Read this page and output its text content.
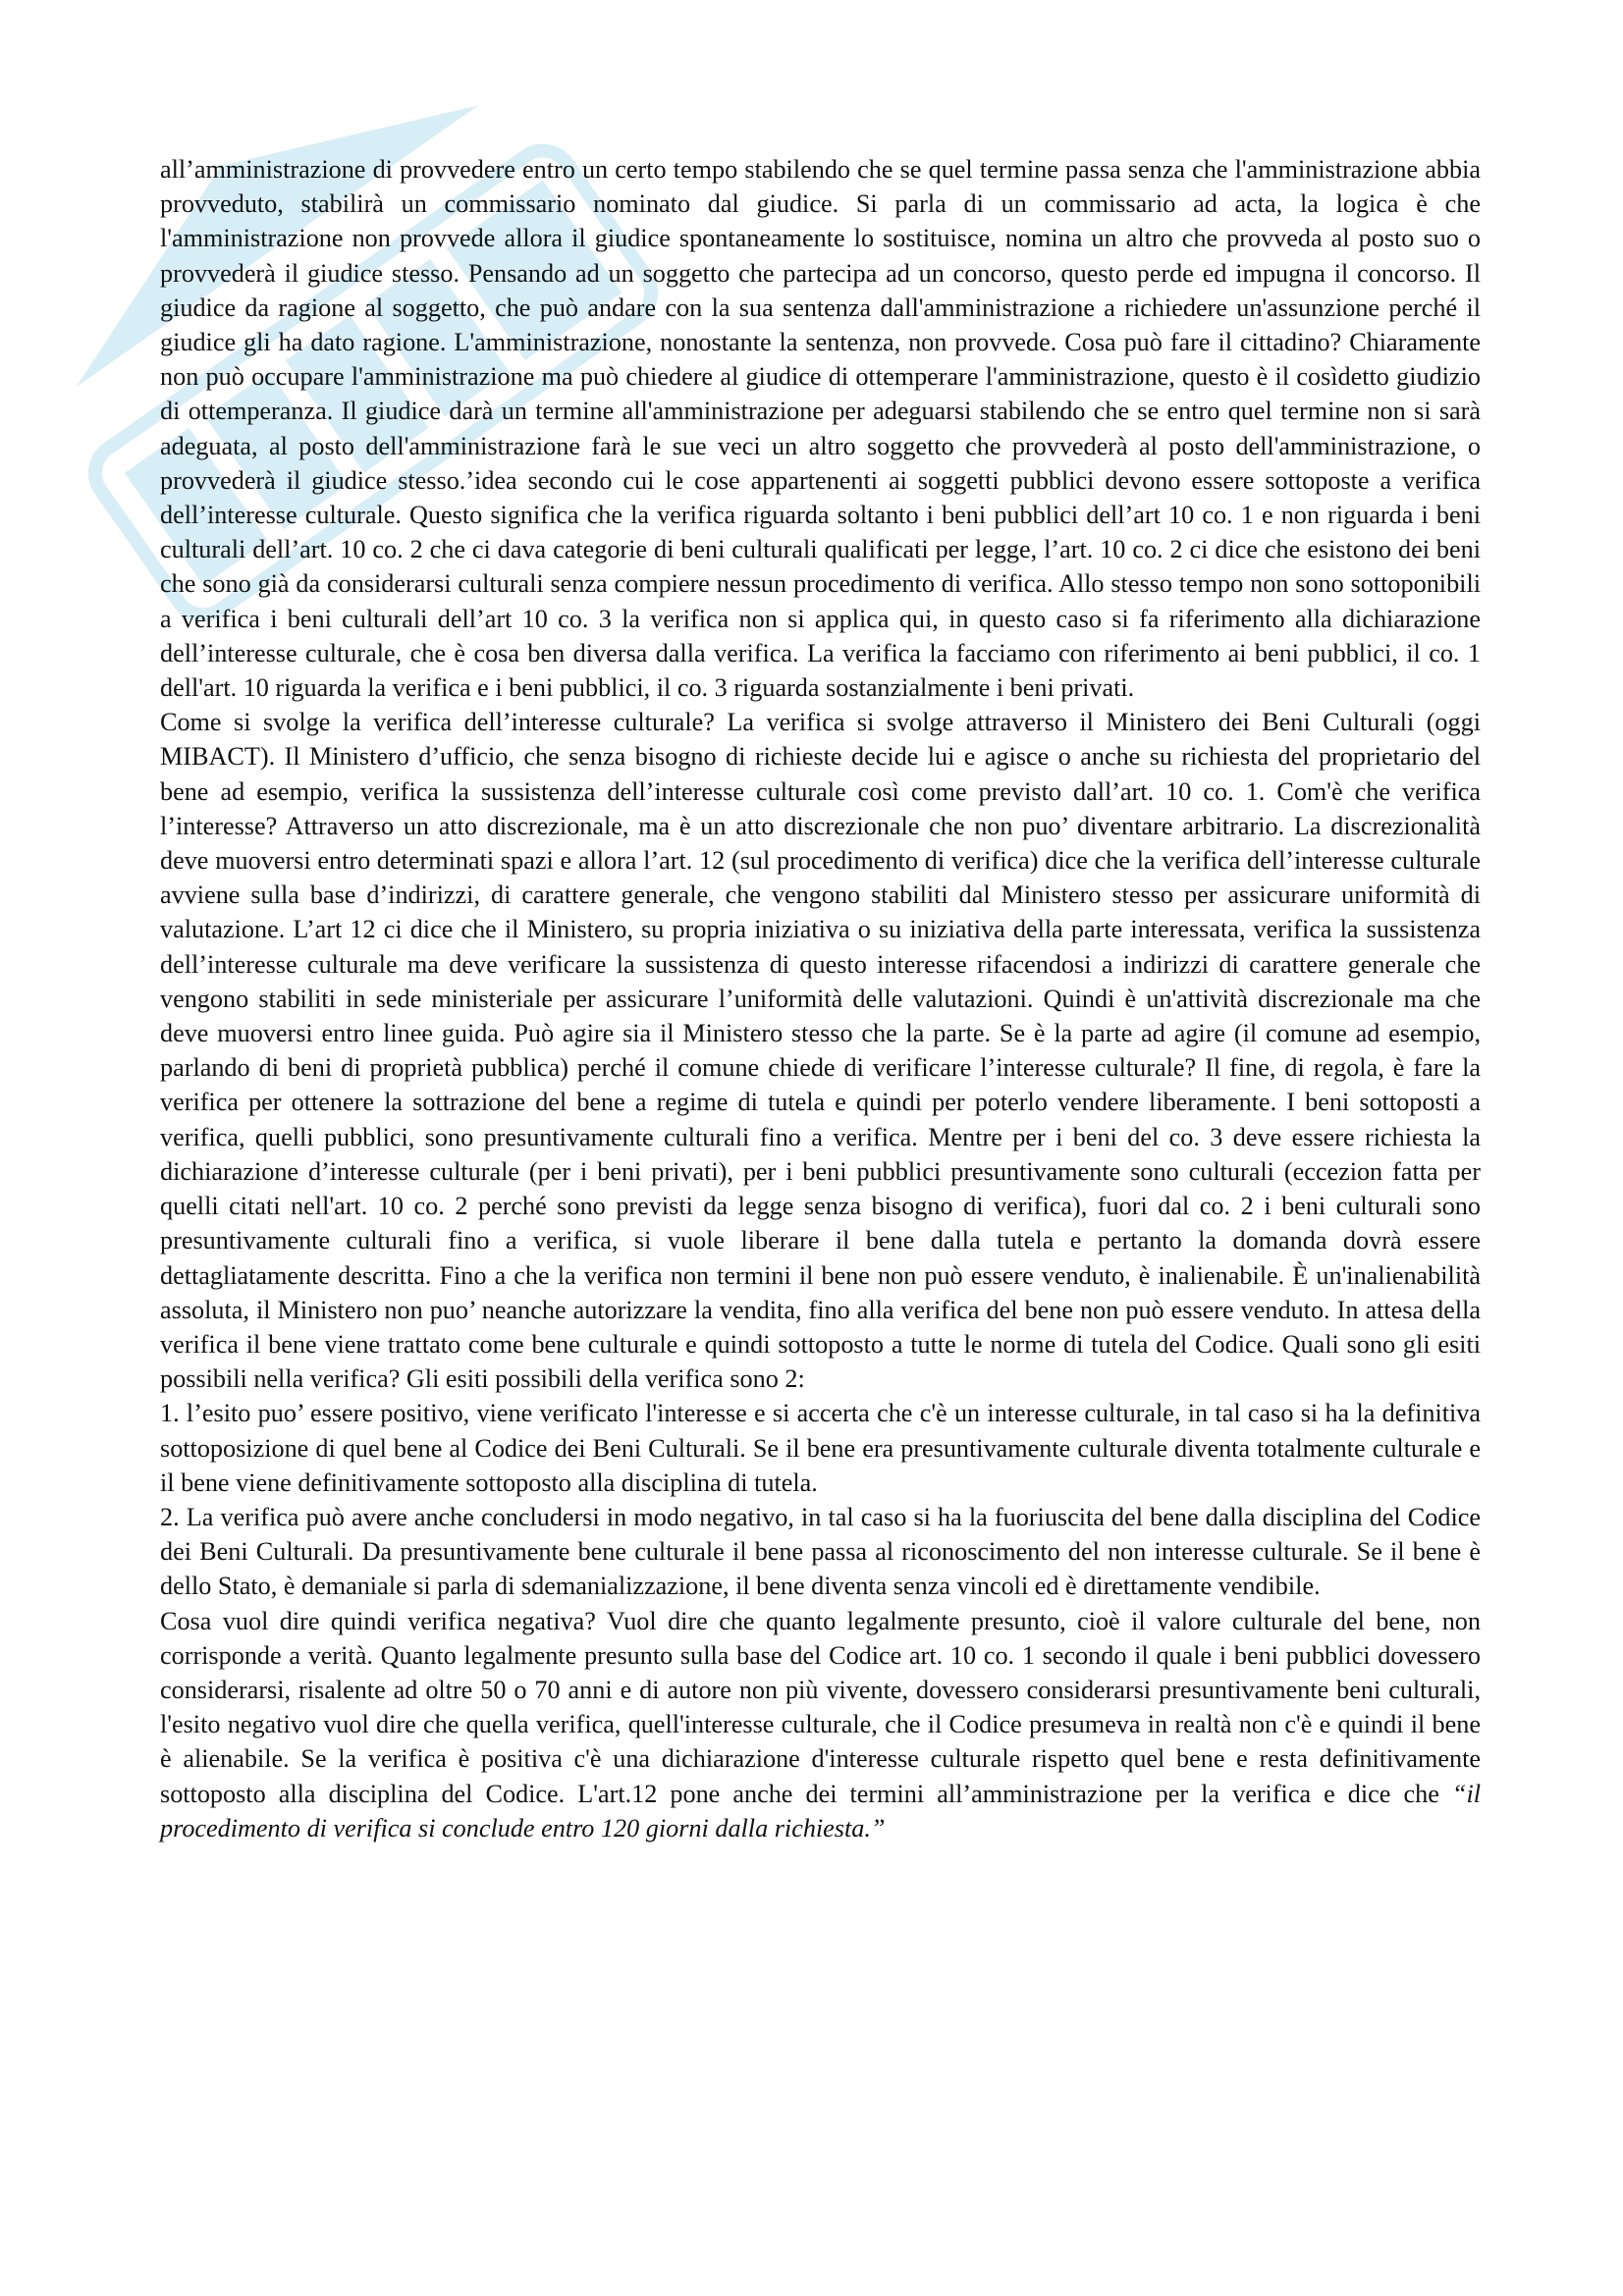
all’amministrazione di provvedere entro un certo tempo stabilendo che se quel termine passa senza che l'amministrazione abbia provveduto, stabilirà un commissario nominato dal giudice. Si parla di un commissario ad acta, la logica è che l'amministrazione non provvede allora il giudice spontaneamente lo sostituisce, nomina un altro che provveda al posto suo o provvederà il giudice stesso. Pensando ad un soggetto che partecipa ad un concorso, questo perde ed impugna il concorso. Il giudice da ragione al soggetto, che può andare con la sua sentenza dall'amministrazione a richiedere un'assunzione perché il giudice gli ha dato ragione. L'amministrazione, nonostante la sentenza, non provvede. Cosa può fare il cittadino? Chiaramente non può occupare l'amministrazione ma può chiedere al giudice di ottemperare l'amministrazione, questo è il cosìdetto giudizio di ottemperanza. Il giudice darà un termine all'amministrazione per adeguarsi stabilendo che se entro quel termine non si sarà adeguata, al posto dell'amministrazione farà le sue veci un altro soggetto che provvederà al posto dell'amministrazione, o provvederà il giudice stesso.’idea secondo cui le cose appartenenti ai soggetti pubblici devono essere sottoposte a verifica dell’interesse culturale. Questo significa che la verifica riguarda soltanto i beni pubblici dell’art 10 co. 1 e non riguarda i beni culturali dell’art. 10 co. 2 che ci dava categorie di beni culturali qualificati per legge, l’art. 10 co. 2 ci dice che esistono dei beni che sono già da considerarsi culturali senza compiere nessun procedimento di verifica. Allo stesso tempo non sono sottoponibili a verifica i beni culturali dell’art 10 co. 3 la verifica non si applica qui, in questo caso si fa riferimento alla dichiarazione dell’interesse culturale, che è cosa ben diversa dalla verifica. La verifica la facciamo con riferimento ai beni pubblici, il co. 1 dell'art. 10 riguarda la verifica e i beni pubblici, il co. 3 riguarda sostanzialmente i beni privati.

Come si svolge la verifica dell’interesse culturale? La verifica si svolge attraverso il Ministero dei Beni Culturali (oggi MIBACT). Il Ministero d’ufficio, che senza bisogno di richieste decide lui e agisce o anche su richiesta del proprietario del bene ad esempio, verifica la sussistenza dell’interesse culturale così come previsto dall’art. 10 co. 1. Com'è che verifica l’interesse? Attraverso un atto discrezionale, ma è un atto discrezionale che non puo’ diventare arbitrario. La discrezionalità deve muoversi entro determinati spazi e allora l’art. 12 (sul procedimento di verifica) dice che la verifica dell’interesse culturale avviene sulla base d’indirizzi, di carattere generale, che vengono stabiliti dal Ministero stesso per assicurare uniformità di valutazione. L’art 12 ci dice che il Ministero, su propria iniziativa o su iniziativa della parte interessata, verifica la sussistenza dell’interesse culturale ma deve verificare la sussistenza di questo interesse rifacendosi a indirizzi di carattere generale che vengono stabiliti in sede ministeriale per assicurare l’uniformità delle valutazioni. Quindi è un'attività discrezionale ma che deve muoversi entro linee guida. Può agire sia il Ministero stesso che la parte. Se è la parte ad agire (il comune ad esempio, parlando di beni di proprietà pubblica) perché il comune chiede di verificare l’interesse culturale? Il fine, di regola, è fare la verifica per ottenere la sottrazione del bene a regime di tutela e quindi per poterlo vendere liberamente. I beni sottoposti a verifica, quelli pubblici, sono presuntivamente culturali fino a verifica. Mentre per i beni del co. 3 deve essere richiesta la dichiarazione d’interesse culturale (per i beni privati), per i beni pubblici presuntivamente sono culturali (eccezion fatta per quelli citati nell'art. 10 co. 2 perché sono previsti da legge senza bisogno di verifica), fuori dal co. 2 i beni culturali sono presuntivamente culturali fino a verifica, si vuole liberare il bene dalla tutela e pertanto la domanda dovrà essere dettagliatamente descritta. Fino a che la verifica non termini il bene non può essere venduto, è inalienabile. È un'inalienabilità assoluta, il Ministero non puo’ neanche autorizzare la vendita, fino alla verifica del bene non può essere venduto. In attesa della verifica il bene viene trattato come bene culturale e quindi sottoposto a tutte le norme di tutela del Codice. Quali sono gli esiti possibili nella verifica? Gli esiti possibili della verifica sono 2:

1. l’esito puo’ essere positivo, viene verificato l'interesse e si accerta che c'è un interesse culturale, in tal caso si ha la definitiva sottoposizione di quel bene al Codice dei Beni Culturali. Se il bene era presuntivamente culturale diventa totalmente culturale e il bene viene definitivamente sottoposto alla disciplina di tutela.

2. La verifica può avere anche concludersi in modo negativo, in tal caso si ha la fuoriuscita del bene dalla disciplina del Codice dei Beni Culturali. Da presuntivamente bene culturale il bene passa al riconoscimento del non interesse culturale. Se il bene è dello Stato, è demaniale si parla di sdemanializzazione, il bene diventa senza vincoli ed è direttamente vendibile.

Cosa vuol dire quindi verifica negativa? Vuol dire che quanto legalmente presunto, cioè il valore culturale del bene, non corrisponde a verità. Quanto legalmente presunto sulla base del Codice art. 10 co. 1 secondo il quale i beni pubblici dovessero considerarsi, risalente ad oltre 50 o 70 anni e di autore non più vivente, dovessero considerarsi presuntivamente beni culturali, l'esito negativo vuol dire che quella verifica, quell'interesse culturale, che il Codice presumeva in realtà non c'è e quindi il bene è alienabile. Se la verifica è positiva c'è una dichiarazione d'interesse culturale rispetto quel bene e resta definitivamente sottoposto alla disciplina del Codice. L'art.12 pone anche dei termini all’amministrazione per la verifica e dice che “il procedimento di verifica si conclude entro 120 giorni dalla richiesta.”
